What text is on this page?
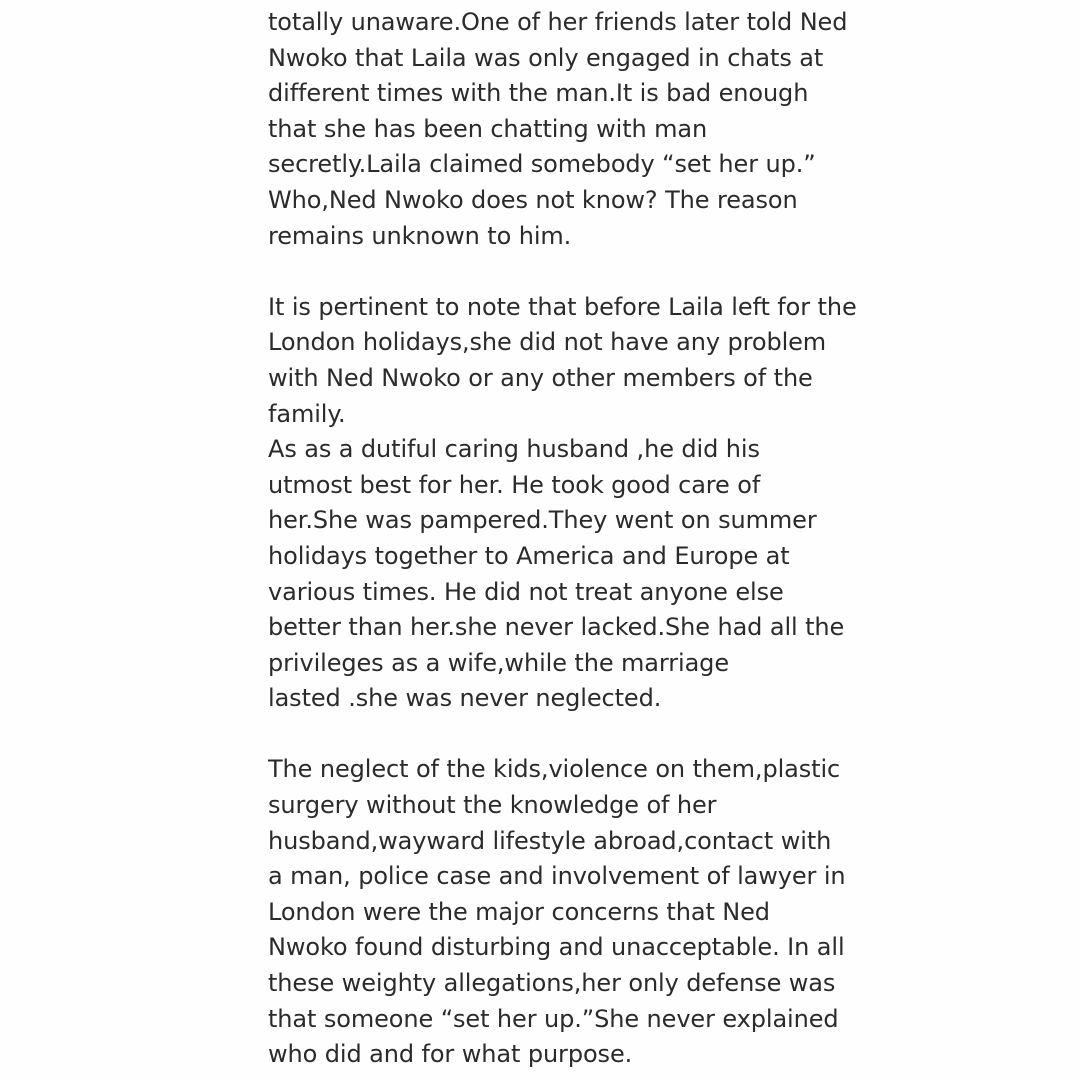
totally unaware.One of her friends later told Ned
Nwoko that Laila was only engaged in chats at
different times with the man.It is bad enough
that she has been chatting with man
secretly.Laila claimed somebody “set her up.”
Who,Ned Nwoko does not know? The reason
remains unknown to him.
It is pertinent to note that before Laila left for the
London holidays,she did not have any problem
with Ned Nwoko or any other members of the
family.
As as a dutiful caring husband ,he did his
utmost best for her. He took good care of
her.She was pampered.They went on summer
holidays together to America and Europe at
various times. He did not treat anyone else
better than her.she never lacked.She had all the
privileges as a wife,while the marriage
lasted .she was never neglected.
The neglect of the kids,violence on them,plastic
surgery without the knowledge of her
husband,wayward lifestyle abroad,contact with
a man, police case and involvement of lawyer in
London were the major concerns that Ned
Nwoko found disturbing and unacceptable. In all
these weighty allegations,her only defense was
that someone “set her up.”She never explained
who did and for what purpose.
